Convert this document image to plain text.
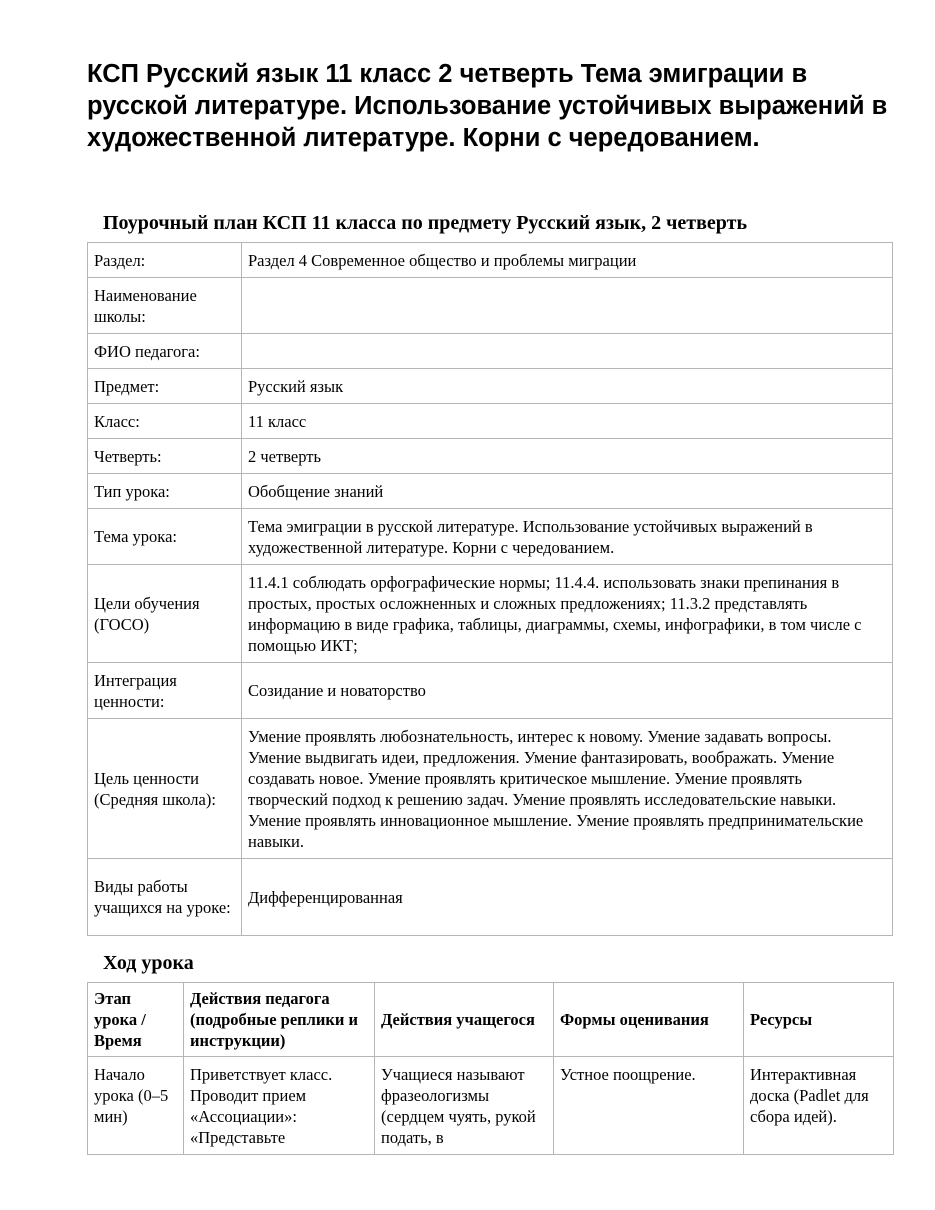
КСП Русский язык 11 класс 2 четверть Тема эмиграции в русской литературе. Использование устойчивых выражений в художественной литературе. Корни с чередованием.
Поурочный план КСП 11 класса по предмету Русский язык, 2 четверть
Раздел:	Раздел 4 Современное общество и проблемы миграции
Наименование школы:	
ФИО педагога:	
Предмет:	Русский язык
Класс:	11 класс
Четверть:	2 четверть
Тип урока:	Обобщение знаний
Тема урока:	Тема эмиграции в русской литературе. Использование устойчивых выражений в художественной литературе. Корни с чередованием.
Цели обучения (ГОСО)	11.4.1 соблюдать орфографические нормы; 11.4.4. использовать знаки препинания в простых, простых осложненных и сложных предложениях; 11.3.2 представлять информацию в виде графика, таблицы, диаграммы, схемы, инфографики, в том числе с помощью ИКТ;
Интеграция ценности:	Созидание и новаторство
Цель ценности (Средняя школа):	Умение проявлять любознательность, интерес к новому. Умение задавать вопросы. Умение выдвигать идеи, предложения. Умение фантазировать, воображать. Умение создавать новое. Умение проявлять критическое мышление. Умение проявлять творческий подход к решению задач. Умение проявлять исследовательские навыки. Умение проявлять инновационное мышление. Умение проявлять предпринимательские навыки.
Виды работы учащихся на уроке:	Дифференцированная
Ход урока
Этап урока / Время	Действия педагога (подробные реплики и инструкции)	Действия учащегося	Формы оценивания	Ресурсы
Начало урока (0–5 мин)	Приветствует класс. Проводит прием «Ассоциации»: «Представьте	Учащиеся называют фразеологизмы (сердцем чуять, рукой подать, в	Устное поощрение.	Интерактивная доска (Padlet для сбора идей).
